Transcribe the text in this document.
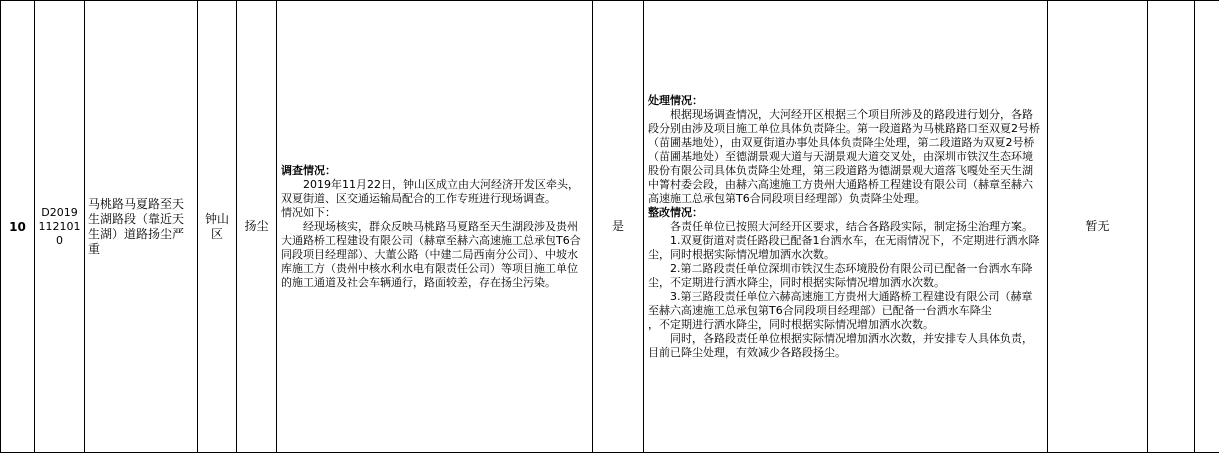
10	D20191121010	马桃路马夏路至天生湖路段（靠近天生湖）道路扬尘严重	钟山区	扬尘	

调查情况：

2019年11月22日，钟山区成立由大河经济开发区牵头，双夏街道、区交通运输局配合的工作专班进行现场调查。

情况如下：

经现场核实，群众反映马桃路马夏路至天生湖段涉及贵州大通路桥工程建设有限公司（赫章至赫六高速施工总承包T6合同段项目经理部）、大董公路（中建二局西南分公司）、中坡水库施工方（贵州中核水利水电有限责任公司）等项目施工单位的施工通道及社会车辆通行，路面较差，存在扬尘污染。

	是	

处理情况：

根据现场调查情况，大河经开区根据三个项目所涉及的路段进行划分，各路段分别由涉及项目施工单位具体负责降尘。第一段道路为马桃路路口至双夏2号桥（苗圃基地处），由双夏街道办事处具体负责降尘处理，第二段道路为双夏2号桥（苗圃基地处）至德湖景观大道与天湖景观大道交叉处，由深圳市铁汉生态环境股份有限公司具体负责降尘处理，第三段道路为德湖景观大道落飞嘎处至天生湖中箐村委会段，由赫六高速施工方贵州大通路桥工程建设有限公司（赫章至赫六高速施工总承包第T6合同段项目经理部）负责降尘处理。

整改情况：

各责任单位已按照大河经开区要求，结合各路段实际，制定扬尘治理方案。

1.双夏街道对责任路段已配备1台洒水车，在无雨情况下，不定期进行洒水降尘，同时根据实际情况增加洒水次数。

2.第二路段责任单位深圳市铁汉生态环境股份有限公司已配备一台洒水车降尘，不定期进行洒水降尘，同时根据实际情况增加洒水次数。

3.第三路段责任单位六赫高速施工方贵州大通路桥工程建设有限公司（赫章至赫六高速施工总承包第T6合同段项目经理部）已配备一台洒水车降尘

，不定期进行洒水降尘，同时根据实际情况增加洒水次数。

同时，各路段责任单位根据实际情况增加洒水次数，并安排专人具体负责，目前已降尘处理，有效减少各路段扬尘。

	暂无		
